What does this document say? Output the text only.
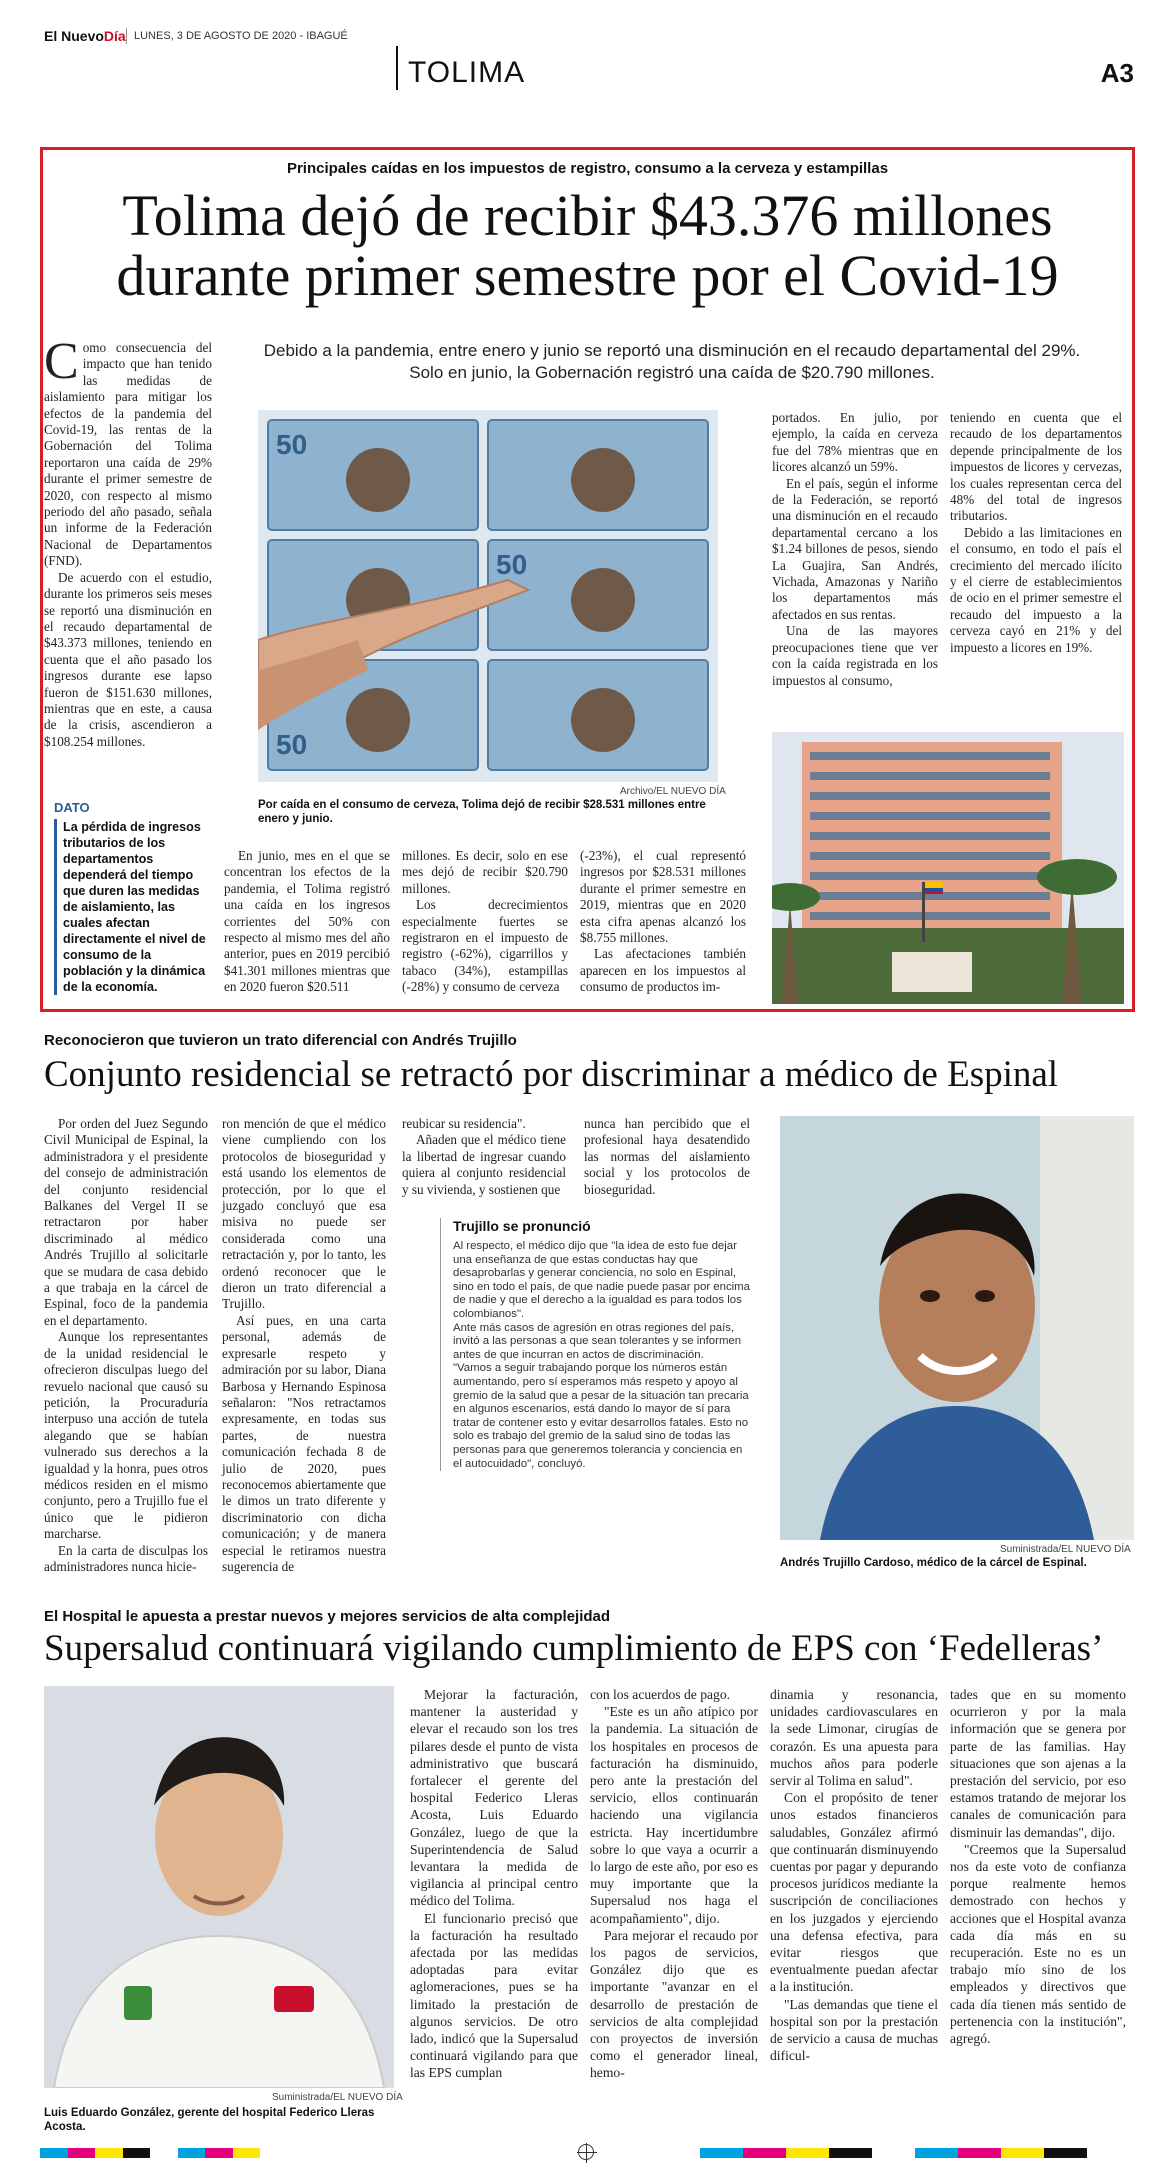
El NuevoDía LUNES, 3 DE AGOSTO DE 2020 - IBAGUÉ
TOLIMA	A3
Principales caídas en los impuestos de registro, consumo a la cerveza y estampillas
Tolima dejó de recibir $43.376 millones
durante primer semestre por el Covid-19
Debido a la pandemia, entre enero y junio se reportó una disminución en el recaudo departamental del 29%. Solo en junio, la Gobernación registró una caída de $20.790 millones.

Como consecuencia del impacto que han tenido las medidas de aislamiento para mitigar los efectos de la pandemia del Covid-19, las rentas de la Gobernación del Tolima reportaron una caída de 29% durante el primer semestre de 2020, con respecto al mismo periodo del año pasado, señala un informe de la Federación Nacional de Departamentos (FND).

De acuerdo con el estudio, durante los primeros seis meses se reportó una disminución en el recaudo departamental de $43.373 millones, teniendo en cuenta que el año pasado los ingresos durante ese lapso fueron de $151.630 millones, mientras que en este, a causa de la crisis, ascendieron a $108.254 millones.

DATO
La pérdida de ingresos tributarios de los departamentos dependerá del tiempo que duren las medidas de aislamiento, las cuales afectan directamente el nivel de consumo de la población y la dinámica de la economía.
50
50
50
Archivo/EL NUEVO DÍA
Por caída en el consumo de cerveza, Tolima dejó de recibir $28.531 millones entre enero y junio.

En junio, mes en el que se concentran los efectos de la pandemia, el Tolima registró una caída en los ingresos corrientes del 50% con respecto al mismo mes del año anterior, pues en 2019 percibió $41.301 millones mientras que en 2020 fueron $20.511

millones. Es decir, solo en ese mes dejó de recibir $20.790 millones.

Los decrecimientos especialmente fuertes se registraron en el impuesto de registro (-62%), cigarrillos y tabaco (34%), estampillas (-28%) y consumo de cerveza

(-23%), el cual representó ingresos por $28.531 millones durante el primer semestre en 2019, mientras que en 2020 esta cifra apenas alcanzó los $8.755 millones.

Las afectaciones también aparecen en los impuestos al consumo de productos im-

portados. En julio, por ejemplo, la caída en cerveza fue del 78% mientras que en licores alcanzó un 59%.

En el país, según el informe de la Federación, se reportó una disminución en el recaudo departamental cercano a los $1.24 billones de pesos, siendo La Guajira, San Andrés, Vichada, Amazonas y Nariño los departamentos más afectados en sus rentas.

Una de las mayores preocupaciones tiene que ver con la caída registrada en los impuestos al consumo,

teniendo en cuenta que el recaudo de los departamentos depende principalmente de los impuestos de licores y cervezas, los cuales representan cerca del 48% del total de ingresos tributarios.

Debido a las limitaciones en el consumo, en todo el país el crecimiento del mercado ilícito y el cierre de establecimientos de ocio en el primer semestre el recaudo del impuesto a la cerveza cayó en 21% y del impuesto a licores en 19%.

Reconocieron que tuvieron un trato diferencial con Andrés Trujillo
Conjunto residencial se retractó por discriminar a médico de Espinal

Por orden del Juez Segundo Civil Municipal de Espinal, la administradora y el presidente del consejo de administración del conjunto residencial Balkanes del Vergel II se retractaron por haber discriminado al médico Andrés Trujillo al solicitarle que se mudara de casa debido a que trabaja en la cárcel de Espinal, foco de la pandemia en el departamento.

Aunque los representantes de la unidad residencial le ofrecieron disculpas luego del revuelo nacional que causó su petición, la Procuraduría interpuso una acción de tutela alegando que se habían vulnerado sus derechos a la igualdad y la honra, pues otros médicos residen en el mismo conjunto, pero a Trujillo fue el único que le pidieron marcharse.

En la carta de disculpas los administradores nunca hicie-

ron mención de que el médico viene cumpliendo con los protocolos de bioseguridad y está usando los elementos de protección, por lo que el juzgado concluyó que esa misiva no puede ser considerada como una retractación y, por lo tanto, les ordenó reconocer que le dieron un trato diferencial a Trujillo.

Así pues, en una carta personal, además de expresarle respeto y admiración por su labor, Diana Barbosa y Hernando Espinosa señalaron: "Nos retractamos expresamente, en todas sus partes, de nuestra comunicación fechada 8 de julio de 2020, pues reconocemos abiertamente que le dimos un trato diferente y discriminatorio con dicha comunicación; y de manera especial le retiramos nuestra sugerencia de

reubicar su residencia".

Añaden que el médico tiene la libertad de ingresar cuando quiera al conjunto residencial y su vivienda, y sostienen que

nunca han percibido que el profesional haya desatendido las normas del aislamiento social y los protocolos de bioseguridad.

Trujillo se pronunció

Al respecto, el médico dijo que "la idea de esto fue dejar una enseñanza de que estas conductas hay que desaprobarlas y generar conciencia, no solo en Espinal, sino en todo el país, de que nadie puede pasar por encima de nadie y que el derecho a la igualdad es para todos los colombianos".

Ante más casos de agresión en otras regiones del país, invitó a las personas a que sean tolerantes y se informen antes de que incurran en actos de discriminación.

"Vamos a seguir trabajando porque los números están aumentando, pero sí esperamos más respeto y apoyo al gremio de la salud que a pesar de la situación tan precaria en algunos escenarios, está dando lo mayor de sí para tratar de contener esto y evitar desarrollos fatales. Esto no solo es trabajo del gremio de la salud sino de todas las personas para que generemos tolerancia y conciencia en el autocuidado", concluyó.

Suministrada/EL NUEVO DÍA
Andrés Trujillo Cardoso, médico de la cárcel de Espinal.
El Hospital le apuesta a prestar nuevos y mejores servicios de alta complejidad
Supersalud continuará vigilando cumplimiento de EPS con ‘Fedelleras’
Suministrada/EL NUEVO DÍA
Luis Eduardo González, gerente del hospital Federico Lleras Acosta.

Mejorar la facturación, mantener la austeridad y elevar el recaudo son los tres pilares desde el punto de vista administrativo que buscará fortalecer el gerente del hospital Federico Lleras Acosta, Luis Eduardo González, luego de que la Superintendencia de Salud levantara la medida de vigilancia al principal centro médico del Tolima.

El funcionario precisó que la facturación ha resultado afectada por las medidas adoptadas para evitar aglomeraciones, pues se ha limitado la prestación de algunos servicios. De otro lado, indicó que la Supersalud continuará vigilando para que las EPS cumplan

con los acuerdos de pago.

"Este es un año atípico por la pandemia. La situación de los hospitales en procesos de facturación ha disminuido, pero ante la prestación del servicio, ellos continuarán haciendo una vigilancia estricta. Hay incertidumbre sobre lo que vaya a ocurrir a lo largo de este año, por eso es muy importante que la Supersalud nos haga el acompañamiento", dijo.

Para mejorar el recaudo por los pagos de servicios, González dijo que es importante "avanzar en el desarrollo de prestación de servicios de alta complejidad con proyectos de inversión como el generador lineal, hemo-

dinamia y resonancia, unidades cardiovasculares en la sede Limonar, cirugías de corazón. Es una apuesta para muchos años para poderle servir al Tolima en salud".

Con el propósito de tener unos estados financieros saludables, González afirmó que continuarán disminuyendo cuentas por pagar y depurando procesos jurídicos mediante la suscripción de conciliaciones en los juzgados y ejerciendo una defensa efectiva, para evitar riesgos que eventualmente puedan afectar a la institución.

"Las demandas que tiene el hospital son por la prestación de servicio a causa de muchas dificul-

tades que en su momento ocurrieron y por la mala información que se genera por parte de las familias. Hay situaciones que son ajenas a la prestación del servicio, por eso estamos tratando de mejorar los canales de comunicación para disminuir las demandas", dijo.

"Creemos que la Supersalud nos da este voto de confianza porque realmente hemos demostrado con hechos y acciones que el Hospital avanza cada día más en su recuperación. Este no es un trabajo mío sino de los empleados y directivos que cada día tienen más sentido de pertenencia con la institución", agregó.
